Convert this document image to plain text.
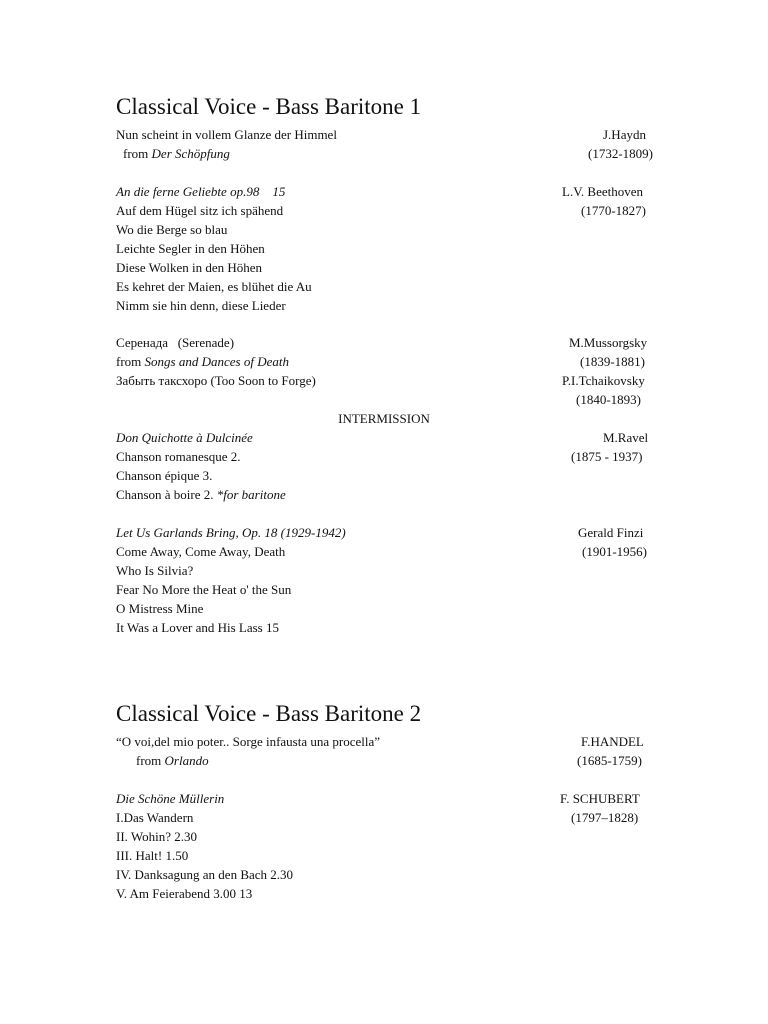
Classical Voice - Bass Baritone 1
Nun scheint in vollem Glanze der Himmel	J.Haydn
from Der Schöpfung	(1732-1809)
An die ferne Geliebte op.98    15	L.V. Beethoven
Auf dem Hügel sitz ich spähend	(1770-1827)
Wo die Berge so blau
Leichte Segler in den Höhen
Diese Wolken in den Höhen
Es kehret der Maien, es blühet die Au
Nimm sie hin denn, diese Lieder
Серенада   (Serenade)	M.Mussorgsky
from Songs and Dances of Death	(1839-1881)
Забыть таксхоро (Too Soon to Forge)	P.I.Tchaikovsky
(1840-1893)
INTERMISSION
Don Quichotte à Dulcinée	M.Ravel
Chanson romanesque 2.	(1875 - 1937)
Chanson épique 3.
Chanson à boire 2. *for baritone
Let Us Garlands Bring, Op. 18 (1929-1942)	Gerald Finzi
Come Away, Come Away, Death	(1901-1956)
Who Is Silvia?
Fear No More the Heat o' the Sun
O Mistress Mine
It Was a Lover and His Lass 15
Classical Voice - Bass Baritone 2
“O voi,del mio poter.. Sorge infausta una procella”	F.HANDEL
from Orlando	(1685-1759)
Die Schöne Müllerin	F. SCHUBERT
I.Das Wandern	(1797–1828)
II. Wohin? 2.30
III. Halt! 1.50
IV. Danksagung an den Bach 2.30
V. Am Feierabend 3.00 13
